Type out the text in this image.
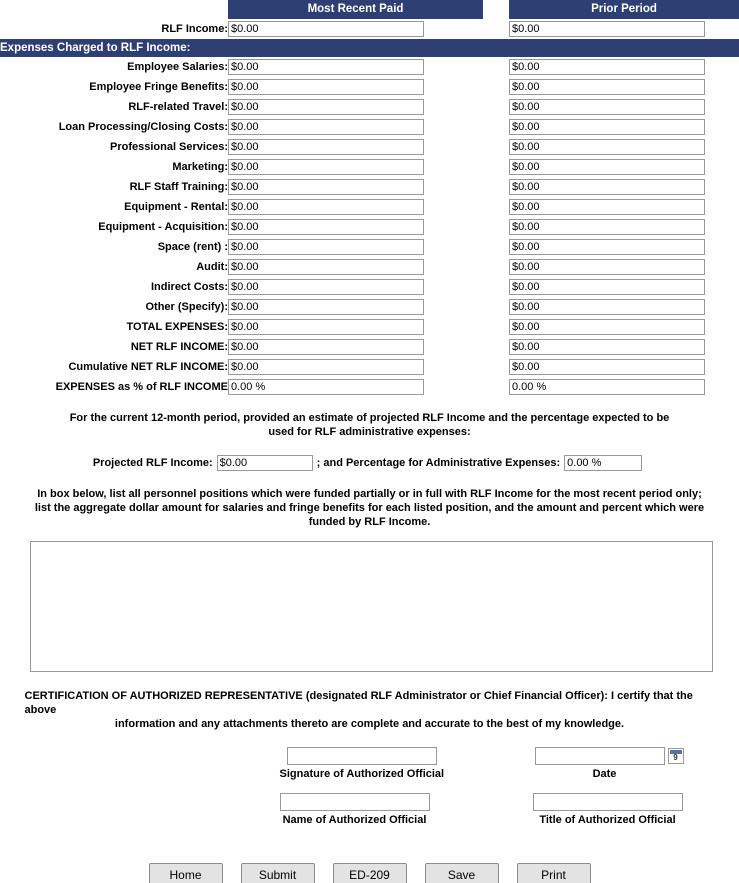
	Most Recent Paid		Prior Period
RLF Income:	$0.00		$0.00
Expenses Charged to RLF Income:			
Employee Salaries:	$0.00		$0.00
Employee Fringe Benefits:	$0.00		$0.00
RLF-related Travel:	$0.00		$0.00
Loan Processing/Closing Costs:	$0.00		$0.00
Professional Services:	$0.00		$0.00
Marketing:	$0.00		$0.00
RLF Staff Training:	$0.00		$0.00
Equipment - Rental:	$0.00		$0.00
Equipment - Acquisition:	$0.00		$0.00
Space (rent) :	$0.00		$0.00
Audit:	$0.00		$0.00
Indirect Costs:	$0.00		$0.00
Other (Specify):	$0.00		$0.00
TOTAL EXPENSES:	$0.00		$0.00
NET RLF INCOME:	$0.00		$0.00
Cumulative NET RLF INCOME:	$0.00		$0.00
EXPENSES as % of RLF INCOME	0.00 %		0.00 %
For the current 12-month period, provided an estimate of projected RLF Income and the percentage expected to be used for RLF administrative expenses:
Projected RLF Income:
$0.00	; and Percentage for Administrative Expenses:
0.00 %
In box below, list all personnel positions which were funded partially or in full with RLF Income for the most recent period only; list the aggregate dollar amount for salaries and fringe benefits for each listed position, and the amount and percent which were funded by RLF Income.
CERTIFICATION OF AUTHORIZED REPRESENTATIVE (designated RLF Administrator or Chief Financial Officer): I certify that the above
information and any attachments thereto are complete and accurate to the best of my knowledge.
Signature of Authorized Official
9	Date
Name of Authorized Official	Title of Authorized Official
Home	Submit	ED-209	Save	Print
